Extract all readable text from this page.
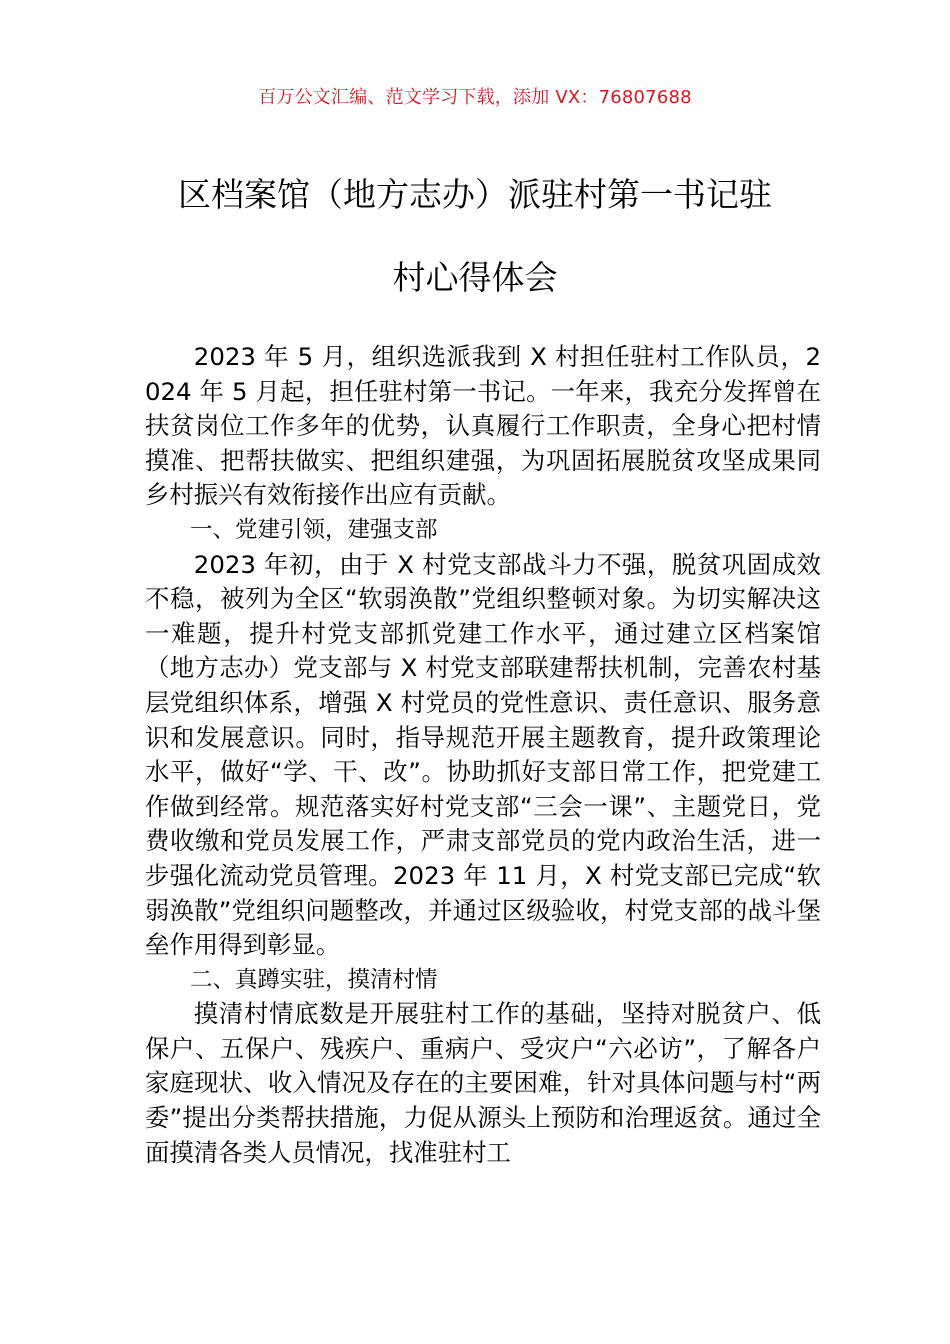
百万公文汇编、范文学习下载，添加 VX：76807688
区档案馆（地方志办）派驻村第一书记驻
村心得体会

2023 年 5 月，组织选派我到 X 村担任驻村工作队员，2024 年 5 月起，担任驻村第一书记。一年来，我充分发挥曾在扶贫岗位工作多年的优势，认真履行工作职责，全身心把村情摸准、把帮扶做实、把组织建强，为巩固拓展脱贫攻坚成果同乡村振兴有效衔接作出应有贡献。

一、党建引领，建强支部

2023 年初，由于 X 村党支部战斗力不强，脱贫巩固成效不稳，被列为全区“软弱涣散”党组织整顿对象。为切实解决这一难题，提升村党支部抓党建工作水平，通过建立区档案馆（地方志办）党支部与 X 村党支部联建帮扶机制，完善农村基层党组织体系，增强 X 村党员的党性意识、责任意识、服务意识和发展意识。同时，指导规范开展主题教育，提升政策理论水平，做好“学、干、改”。协助抓好支部日常工作，把党建工作做到经常。规范落实好村党支部“三会一课”、主题党日，党费收缴和党员发展工作，严肃支部党员的党内政治生活，进一步强化流动党员管理。2023 年 11 月，X 村党支部已完成“软弱涣散”党组织问题整改，并通过区级验收，村党支部的战斗堡垒作用得到彰显。

二、真蹲实驻，摸清村情

摸清村情底数是开展驻村工作的基础，坚持对脱贫户、低保户、五保户、残疾户、重病户、受灾户“六必访”，了解各户家庭现状、收入情况及存在的主要困难，针对具体问题与村“两委”提出分类帮扶措施，力促从源头上预防和治理返贫。通过全面摸清各类人员情况，找准驻村工
